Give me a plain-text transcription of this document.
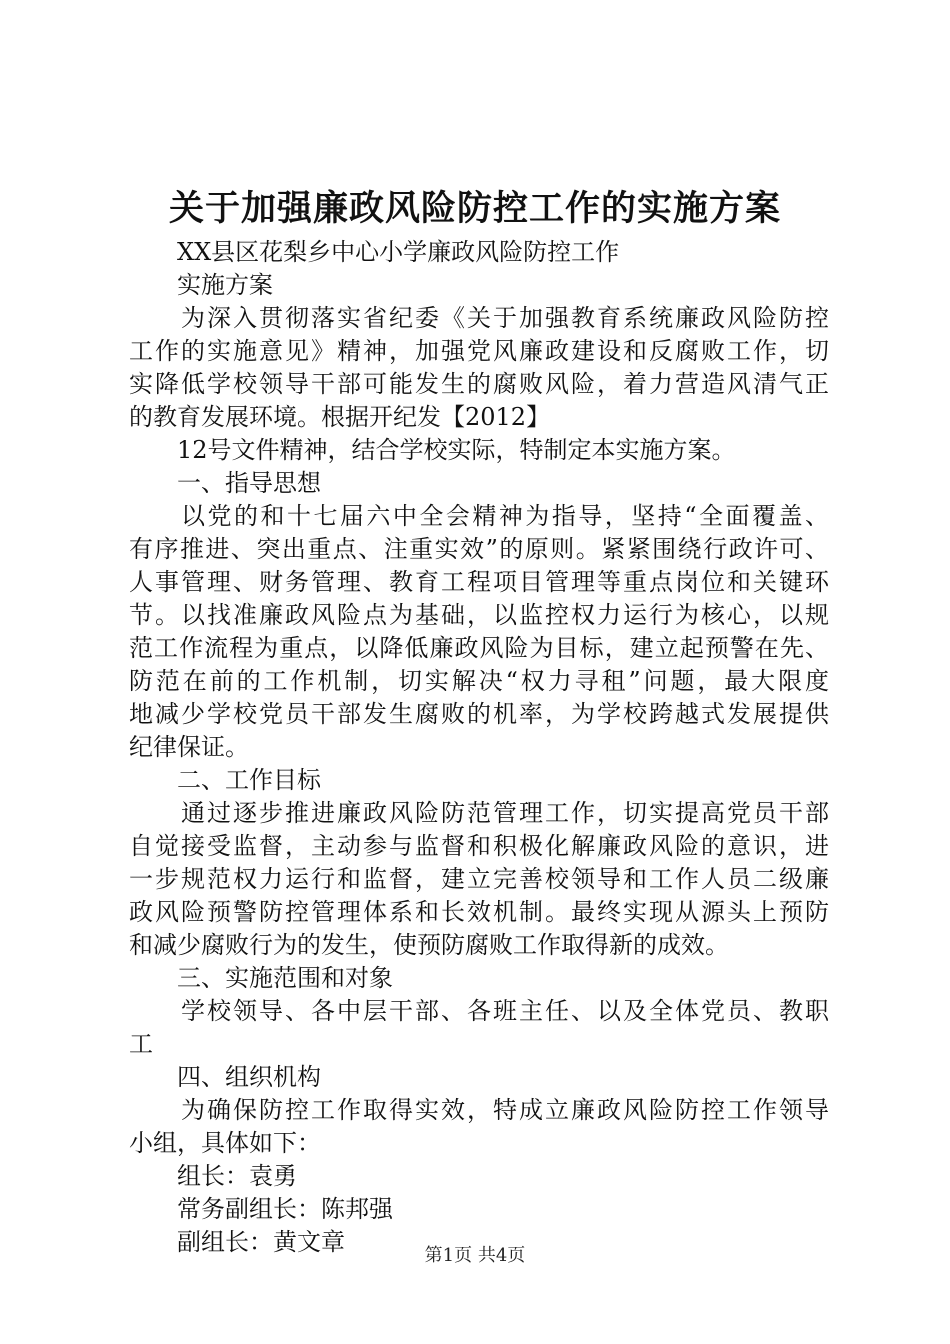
关于加强廉政风险防控工作的实施方案
XX县区花梨乡中心小学廉政风险防控工作
实施方案
为深入贯彻落实省纪委《关于加强教育系统廉政风险防控
工作的实施意见》精神，加强党风廉政建设和反腐败工作，切
实降低学校领导干部可能发生的腐败风险，着力营造风清气正
的教育发展环境。根据开纪发【2012】
12号文件精神，结合学校实际，特制定本实施方案。
一、指导思想
以党的和十七届六中全会精神为指导，坚持“全面覆盖、
有序推进、突出重点、注重实效”的原则。紧紧围绕行政许可、
人事管理、财务管理、教育工程项目管理等重点岗位和关键环
节。以找准廉政风险点为基础，以监控权力运行为核心，以规
范工作流程为重点，以降低廉政风险为目标，建立起预警在先、
防范在前的工作机制，切实解决“权力寻租”问题，最大限度
地减少学校党员干部发生腐败的机率，为学校跨越式发展提供
纪律保证。
二、工作目标
通过逐步推进廉政风险防范管理工作，切实提高党员干部
自觉接受监督，主动参与监督和积极化解廉政风险的意识，进
一步规范权力运行和监督，建立完善校领导和工作人员二级廉
政风险预警防控管理体系和长效机制。最终实现从源头上预防
和减少腐败行为的发生，使预防腐败工作取得新的成效。
三、实施范围和对象
学校领导、各中层干部、各班主任、以及全体党员、教职
工
四、组织机构
为确保防控工作取得实效，特成立廉政风险防控工作领导
小组，具体如下：
组长：袁勇
常务副组长：陈邦强
副组长：黄文章	第1页 共4页
